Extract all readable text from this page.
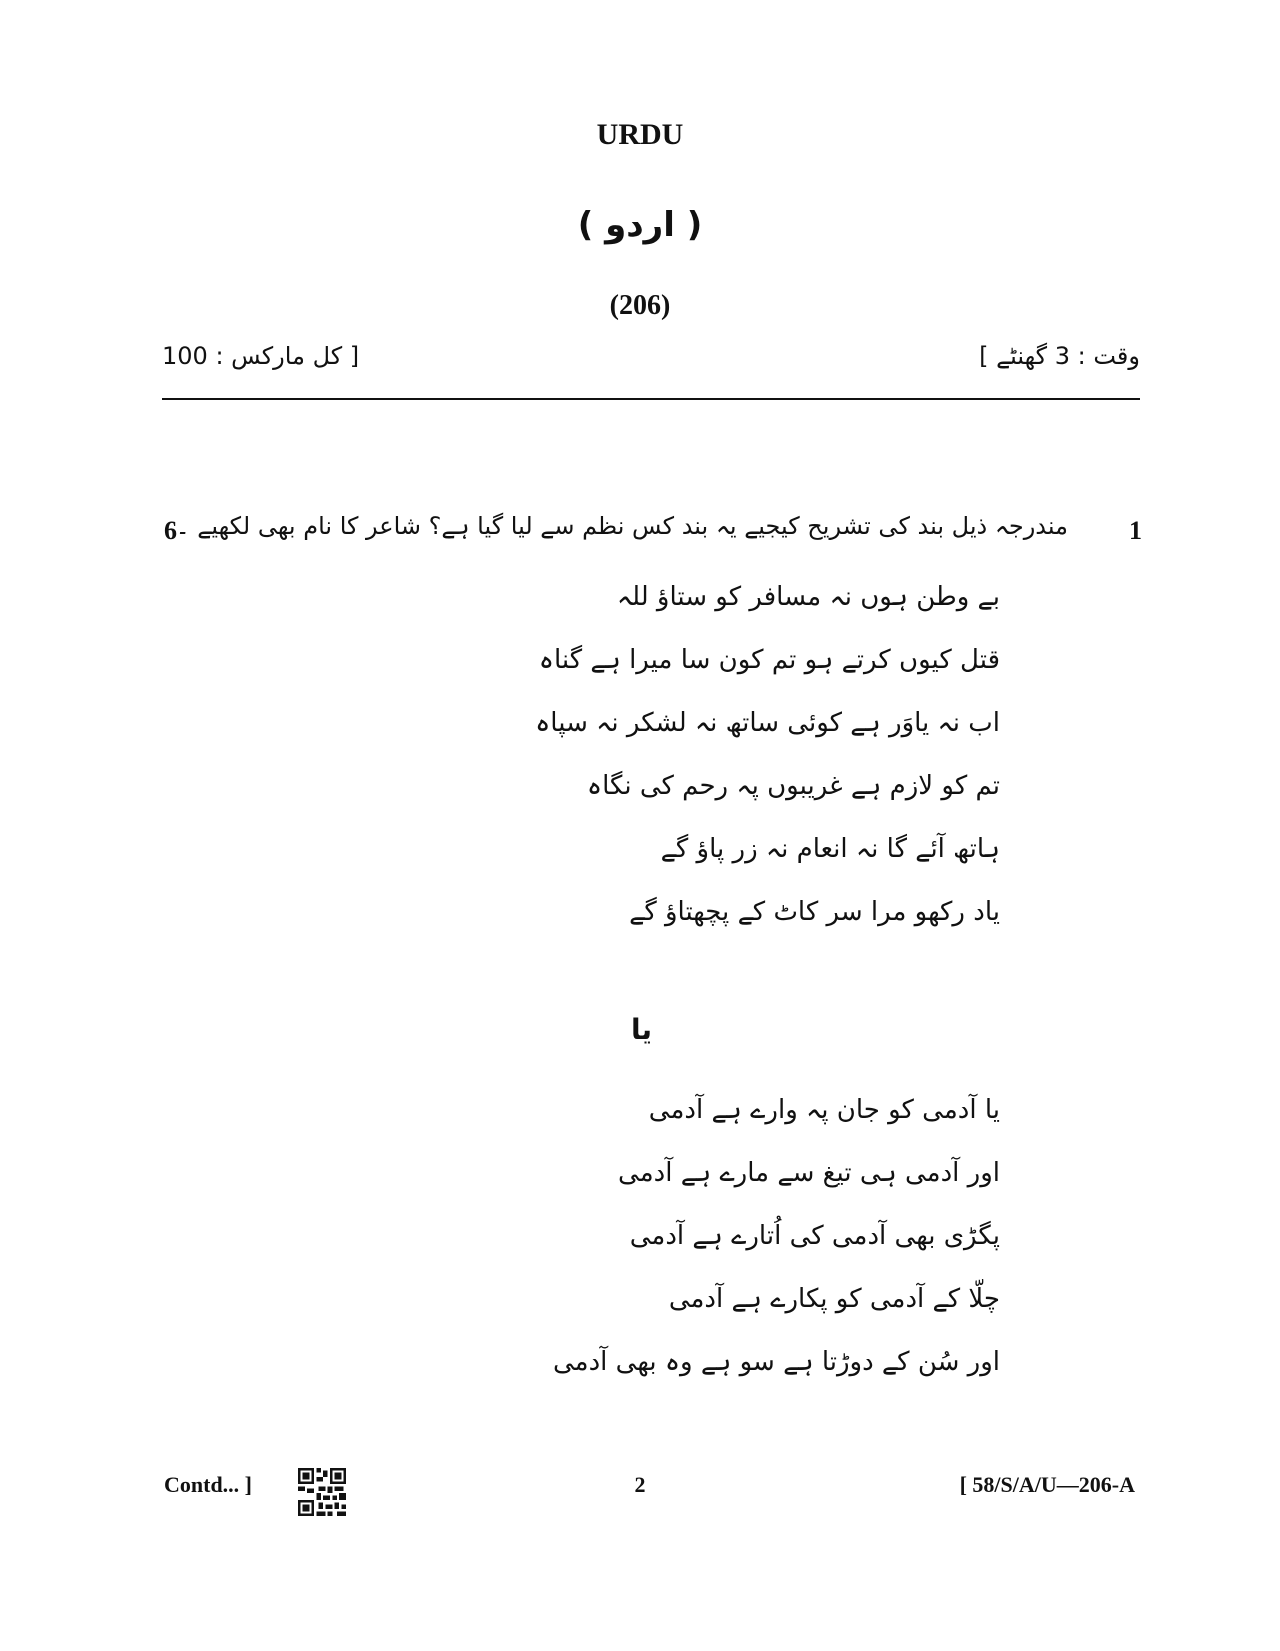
URDU
( اردو )
(206)
[ کل مارکس : 100	وقت : 3 گھنٹے ]
1
6
مندرجہ ذیل بند کی تشریح کیجیے یہ بند کس نظم سے لیا گیا ہے؟ شاعر کا نام بھی لکھیے ۔
بے وطن ہوں نہ مسافر کو ستاؤ للہ
قتل کیوں کرتے ہو تم کون سا میرا ہے گناہ
اب نہ یاوَر ہے کوئی ساتھ نہ لشکر نہ سپاہ
تم کو لازم ہے غریبوں پہ رحم کی نگاہ
ہاتھ آئے گا نہ انعام نہ زر پاؤ گے
یاد رکھو مرا سر کاٹ کے پچھتاؤ گے
یا
یا آدمی کو جان پہ وارے ہے آدمی
اور آدمی ہی تیغ سے مارے ہے آدمی
پگڑی بھی آدمی کی اُتارے ہے آدمی
چلّا کے آدمی کو پکارے ہے آدمی
اور سُن کے دوڑتا ہے سو ہے وہ بھی آدمی
Contd... ]	2	[ 58/S/A/U—206-A
